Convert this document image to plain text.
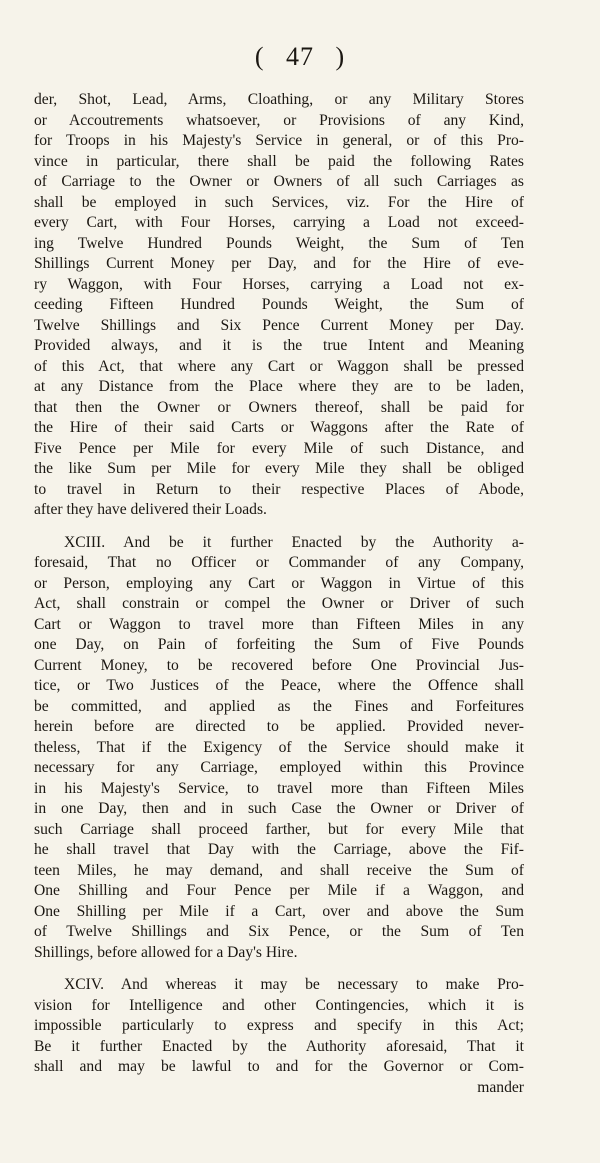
( 47 )
der, Shot, Lead, Arms, Cloathing, or any Military Stores
or Accoutrements whatsoever, or Provisions of any Kind,
for Troops in his Majesty's Service in general, or of this Pro-
vince in particular, there shall be paid the following Rates
of Carriage to the Owner or Owners of all such Carriages as
shall be employed in such Services, viz. For the Hire of
every Cart, with Four Horses, carrying a Load not exceed-
ing Twelve Hundred Pounds Weight, the Sum of Ten
Shillings Current Money per Day, and for the Hire of eve-
ry Waggon, with Four Horses, carrying a Load not ex-
ceeding Fifteen Hundred Pounds Weight, the Sum of
Twelve Shillings and Six Pence Current Money per Day.
Provided always, and it is the true Intent and Meaning
of this Act, that where any Cart or Waggon shall be pressed
at any Distance from the Place where they are to be laden,
that then the Owner or Owners thereof, shall be paid for
the Hire of their said Carts or Waggons after the Rate of
Five Pence per Mile for every Mile of such Distance, and
the like Sum per Mile for every Mile they shall be obliged
to travel in Return to their respective Places of Abode,
after they have delivered their Loads.
XCIII. And be it further Enacted by the Authority a-
foresaid, That no Officer or Commander of any Company,
or Person, employing any Cart or Waggon in Virtue of this
Act, shall constrain or compel the Owner or Driver of such
Cart or Waggon to travel more than Fifteen Miles in any
one Day, on Pain of forfeiting the Sum of Five Pounds
Current Money, to be recovered before One Provincial Jus-
tice, or Two Justices of the Peace, where the Offence shall
be committed, and applied as the Fines and Forfeitures
herein before are directed to be applied. Provided never-
theless, That if the Exigency of the Service should make it
necessary for any Carriage, employed within this Province
in his Majesty's Service, to travel more than Fifteen Miles
in one Day, then and in such Case the Owner or Driver of
such Carriage shall proceed farther, but for every Mile that
he shall travel that Day with the Carriage, above the Fif-
teen Miles, he may demand, and shall receive the Sum of
One Shilling and Four Pence per Mile if a Waggon, and
One Shilling per Mile if a Cart, over and above the Sum
of Twelve Shillings and Six Pence, or the Sum of Ten
Shillings, before allowed for a Day's Hire.
XCIV. And whereas it may be necessary to make Pro-
vision for Intelligence and other Contingencies, which it is
impossible particularly to express and specify in this Act;
Be it further Enacted by the Authority aforesaid, That it
shall and may be lawful to and for the Governor or Com-
mander
